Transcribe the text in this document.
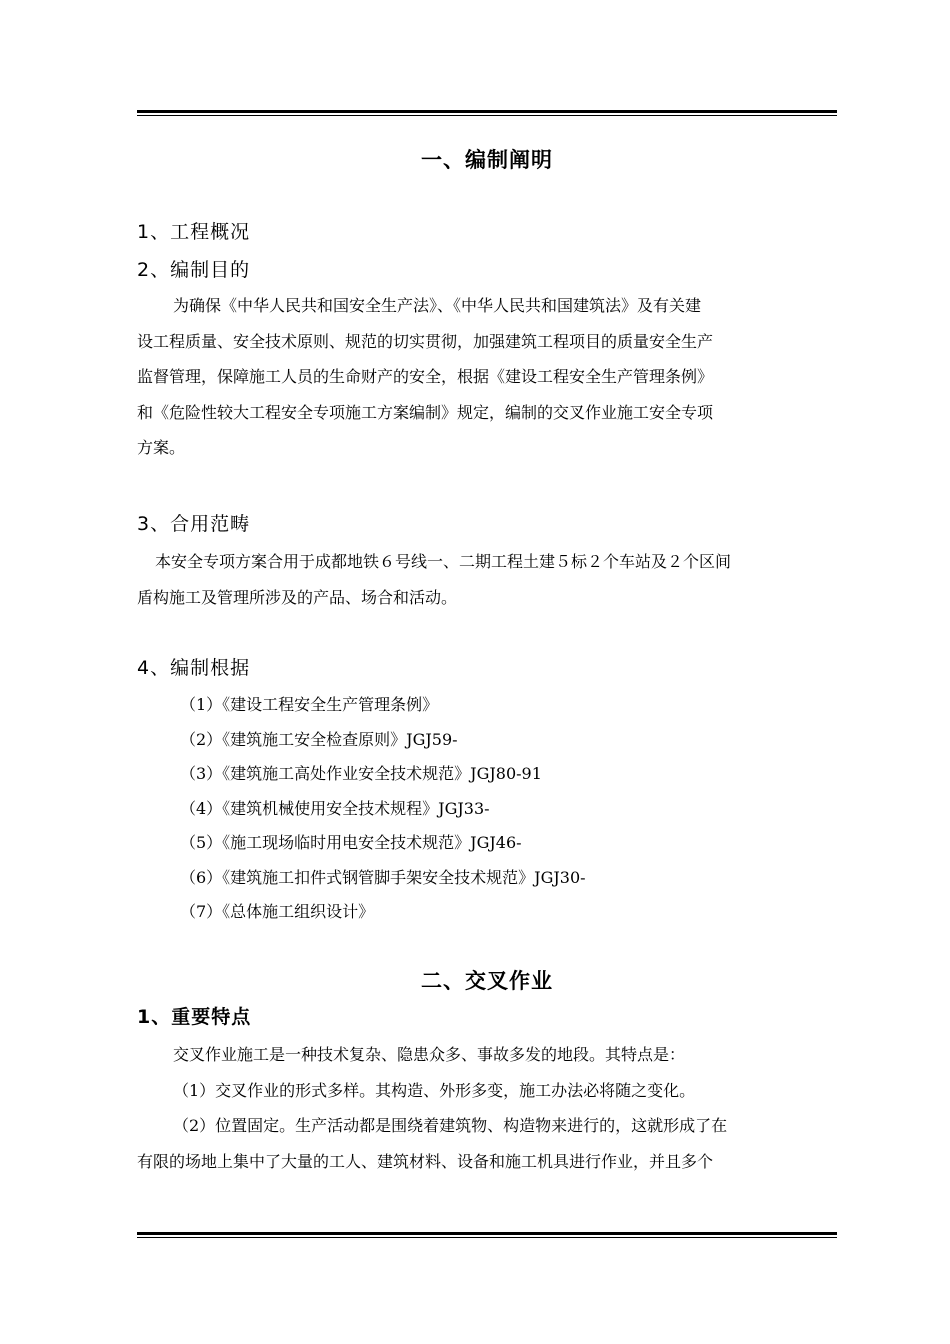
一、编制阐明
1、工程概况
2、编制目的
为确保《中华人民共和国安全生产法》、《中华人民共和国建筑法》及有关建
设工程质量、安全技术原则、规范的切实贯彻，加强建筑工程项目的质量安全生产
监督管理，保障施工人员的生命财产的安全，根据《建设工程安全生产管理条例》
和《危险性较大工程安全专项施工方案编制》规定，编制的交叉作业施工安全专项
方案。
3、合用范畴
本安全专项方案合用于成都地铁６号线一、二期工程土建５标２个车站及２个区间
盾构施工及管理所涉及的产品、场合和活动。
4、编制根据
（1）《建设工程安全生产管理条例》
（2）《建筑施工安全检查原则》JGJ59-
（3）《建筑施工高处作业安全技术规范》JGJ80-91
（4）《建筑机械使用安全技术规程》JGJ33-
（5）《施工现场临时用电安全技术规范》JGJ46-
（6）《建筑施工扣件式钢管脚手架安全技术规范》JGJ30-
（7）《总体施工组织设计》
二、交叉作业
1、重要特点
交叉作业施工是一种技术复杂、隐患众多、事故多发的地段。其特点是：
（1）交叉作业的形式多样。其构造、外形多变，施工办法必将随之变化。
（2）位置固定。生产活动都是围绕着建筑物、构造物来进行的，这就形成了在
有限的场地上集中了大量的工人、建筑材料、设备和施工机具进行作业，并且多个
